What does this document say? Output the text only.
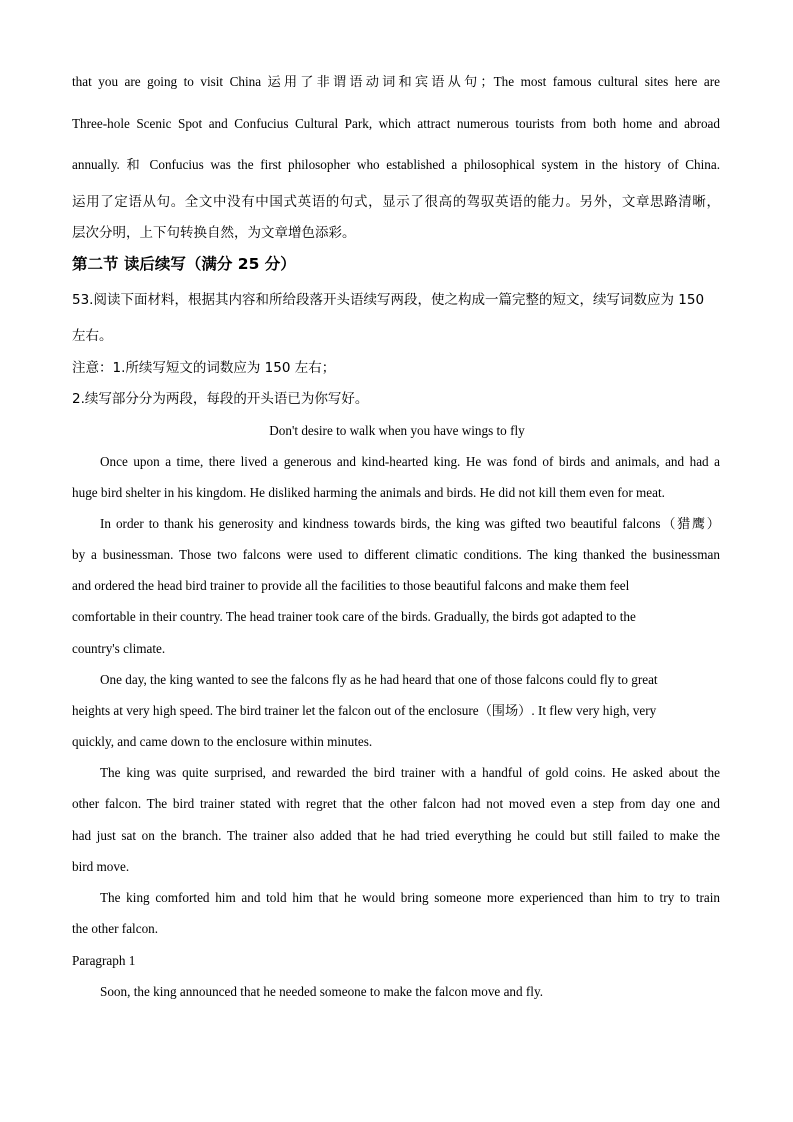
that you are going to visit China 运用了非谓语动词和宾语从句；The most famous cultural sites here are
Three-hole Scenic Spot and Confucius Cultural Park, which attract numerous tourists from both home and abroad
annually. 和 Confucius was the first philosopher who established a philosophical system in the history of China.
运用了定语从句。全文中没有中国式英语的句式，显示了很高的驾驭英语的能力。另外，文章思路清晰，
层次分明，上下句转换自然，为文章增色添彩。
第二节 读后续写（满分 25 分）
53.阅读下面材料，根据其内容和所给段落开头语续写两段，使之构成一篇完整的短文，续写词数应为 150
左右。
注意：1.所续写短文的词数应为 150 左右；
2.续写部分分为两段，每段的开头语已为你写好。
Don't desire to walk when you have wings to fly
Once upon a time, there lived a generous and kind-hearted king. He was fond of birds and animals, and had a
huge bird shelter in his kingdom. He disliked harming the animals and birds. He did not kill them even for meat.
In order to thank his generosity and kindness towards birds, the king was gifted two beautiful falcons（猎鹰）
by a businessman. Those two falcons were used to different climatic conditions. The king thanked the businessman
and ordered the head bird trainer to provide all the facilities to those beautiful falcons and make them feel
comfortable in their country. The head trainer took care of the birds. Gradually, the birds got adapted to the
country's climate.
One day, the king wanted to see the falcons fly as he had heard that one of those falcons could fly to great
heights at very high speed. The bird trainer let the falcon out of the enclosure（围场）. It flew very high, very
quickly, and came down to the enclosure within minutes.
The king was quite surprised, and rewarded the bird trainer with a handful of gold coins. He asked about the
other falcon. The bird trainer stated with regret that the other falcon had not moved even a step from day one and
had just sat on the branch. The trainer also added that he had tried everything he could but still failed to make the
bird move.
The king comforted him and told him that he would bring someone more experienced than him to try to train
the other falcon.
Paragraph 1
Soon, the king announced that he needed someone to make the falcon move and fly.
